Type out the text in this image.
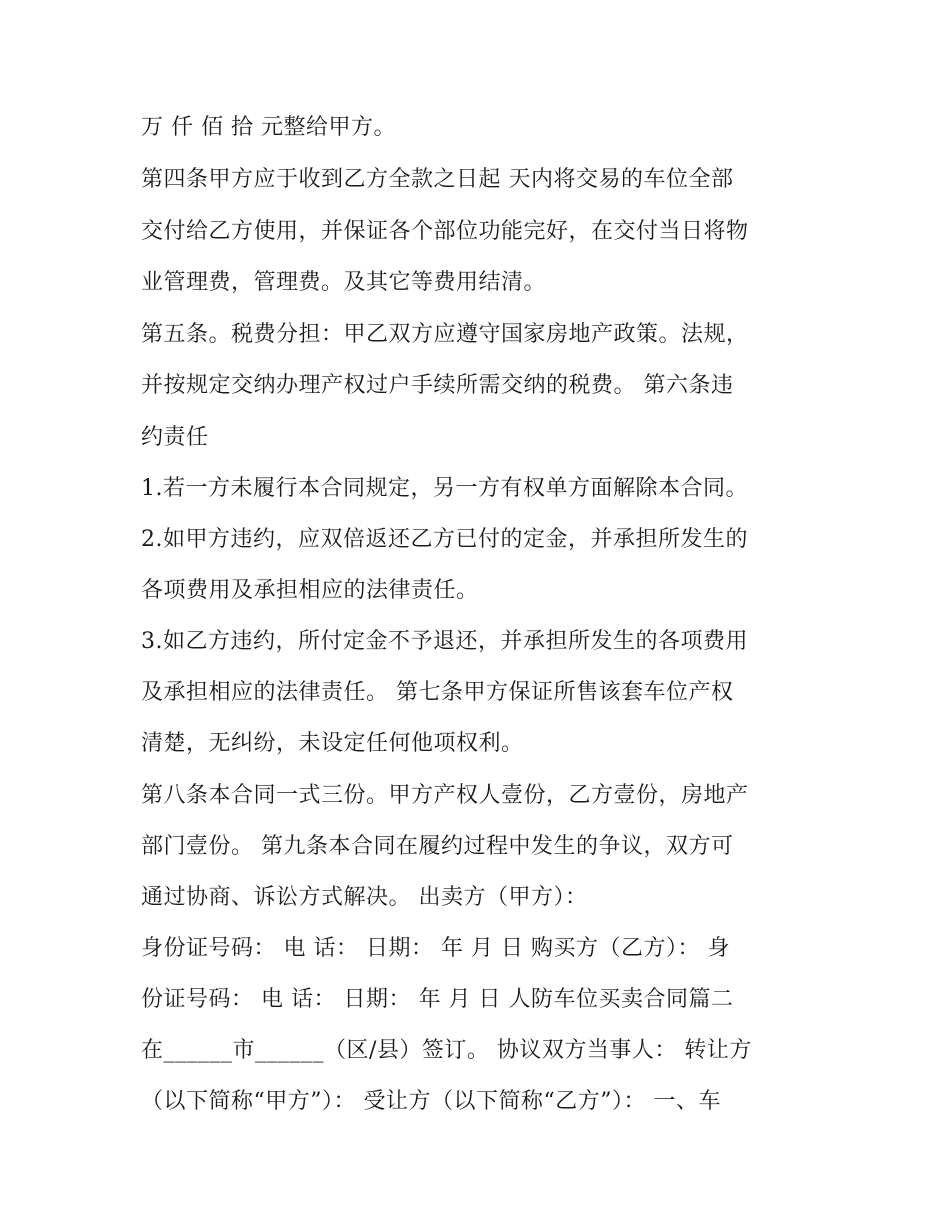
万 仟 佰 拾 元整给甲方。
第四条甲方应于收到乙方全款之日起 天内将交易的车位全部
交付给乙方使用，并保证各个部位功能完好，在交付当日将物
业管理费，管理费。及其它等费用结清。
第五条。税费分担：甲乙双方应遵守国家房地产政策。法规，
并按规定交纳办理产权过户手续所需交纳的税费。 第六条违
约责任
1.若一方未履行本合同规定，另一方有权单方面解除本合同。
2.如甲方违约，应双倍返还乙方已付的定金，并承担所发生的
各项费用及承担相应的法律责任。
3.如乙方违约，所付定金不予退还，并承担所发生的各项费用
及承担相应的法律责任。 第七条甲方保证所售该套车位产权
清楚，无纠纷，未设定任何他项权利。
第八条本合同一式三份。甲方产权人壹份，乙方壹份，房地产
部门壹份。 第九条本合同在履约过程中发生的争议，双方可
通过协商、诉讼方式解决。 出卖方（甲方）：
身份证号码： 电 话： 日期： 年 月 日 购买方（乙方）： 身
份证号码： 电 话： 日期： 年 月 日 人防车位买卖合同篇二
在______市______（区/县）签订。 协议双方当事人： 转让方
（以下简称“甲方”）： 受让方（以下简称“乙方”）： 一、车
